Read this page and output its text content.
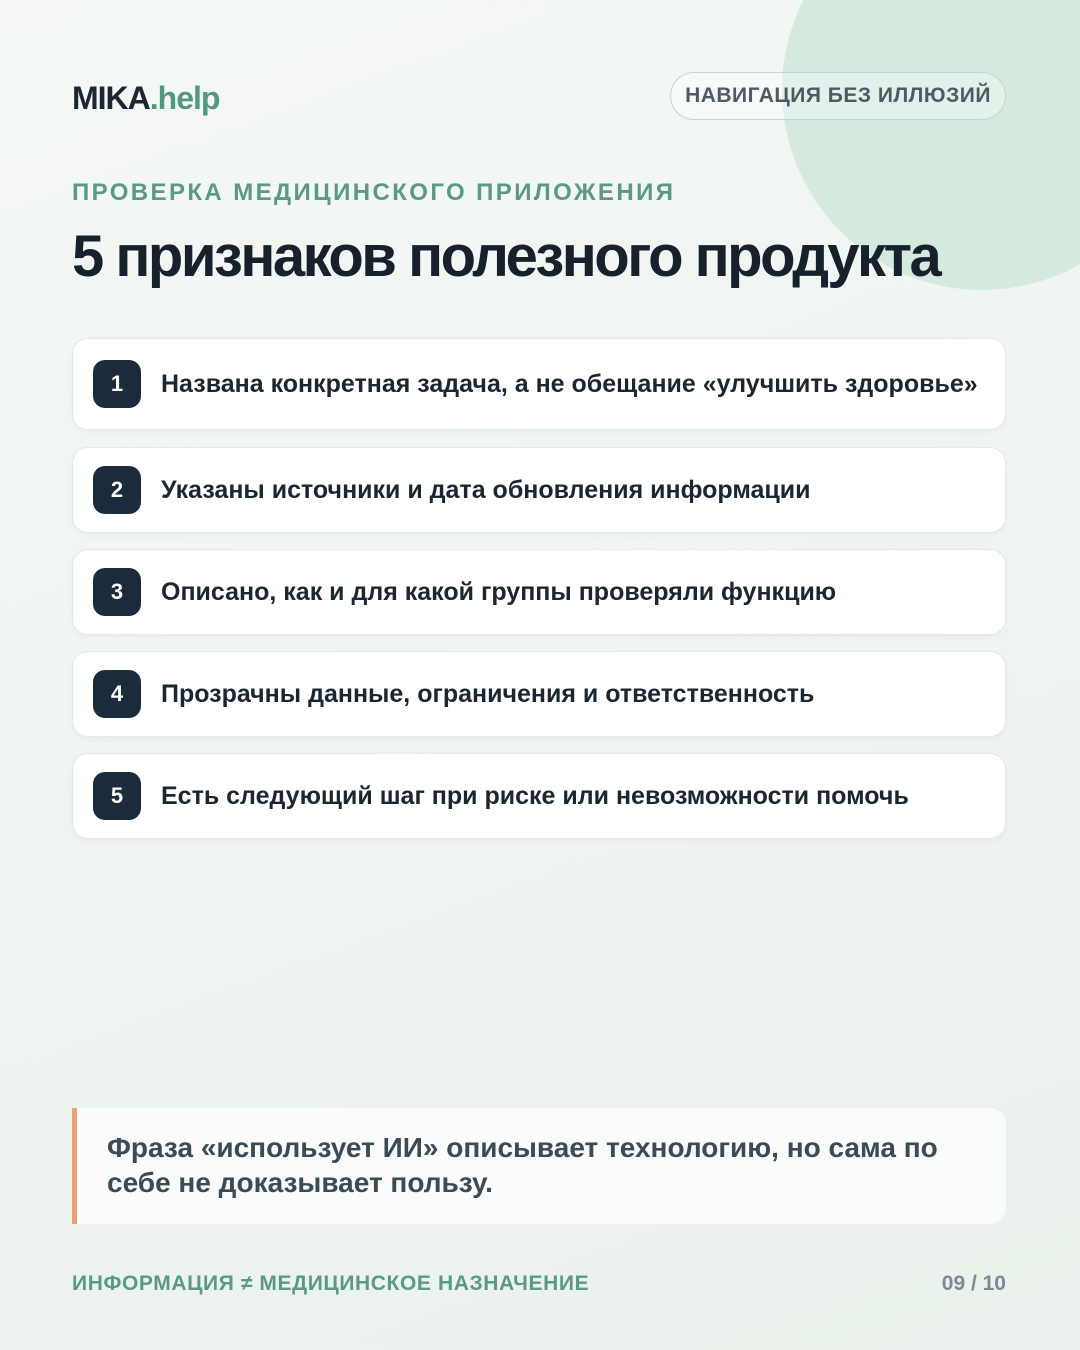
MIKA.help	НАВИГАЦИЯ БЕЗ ИЛЛЮЗИЙ
ПРОВЕРКА МЕДИЦИНСКОГО ПРИЛОЖЕНИЯ
5 признаков полезного продукта
1	Названа конкретная задача, а не обещание «улучшить здоровье»
2	Указаны источники и дата обновления информации
3	Описано, как и для какой группы проверяли функцию
4	Прозрачны данные, ограничения и ответственность
5	Есть следующий шаг при риске или невозможности помочь
Фраза «использует ИИ» описывает технологию, но сама по себе не доказывает пользу.
ИНФОРМАЦИЯ ≠ МЕДИЦИНСКОЕ НАЗНАЧЕНИЕ	09 / 10
